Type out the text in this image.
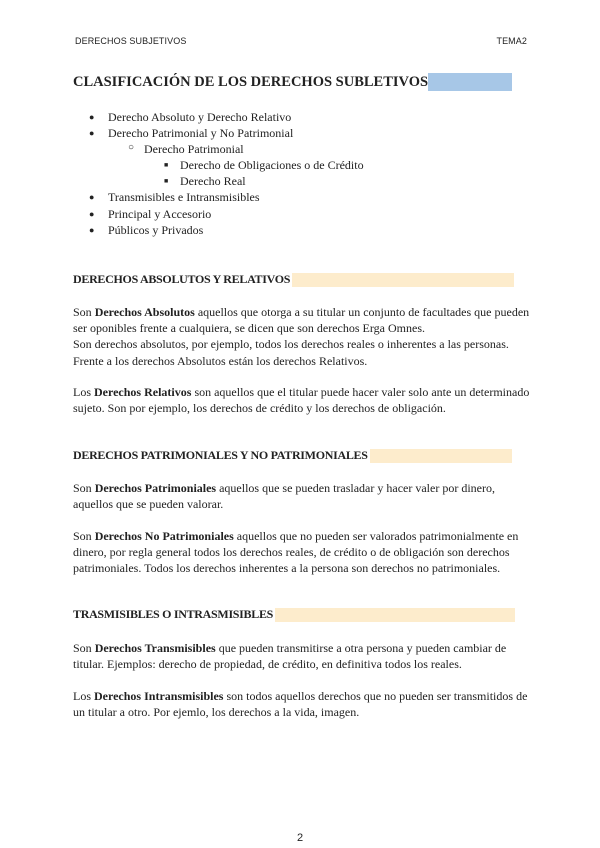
DERECHOS SUBJETIVOS	TEMA2
CLASIFICACIÓN DE LOS DERECHOS SUBLETIVOS
● Derecho Absoluto y Derecho Relativo
● Derecho Patrimonial y No Patrimonial
○ Derecho Patrimonial
■ Derecho de Obligaciones o de Crédito
■ Derecho Real
● Transmisibles e Intransmisibles
● Principal y Accesorio
● Públicos y Privados
DERECHOS ABSOLUTOS Y RELATIVOS

Son Derechos Absolutos aquellos que otorga a su titular un conjunto de facultades que pueden ser oponibles frente a cualquiera, se dicen que son derechos Erga Omnes.
Son derechos absolutos, por ejemplo, todos los derechos reales o inherentes a las personas.
Frente a los derechos Absolutos están los derechos Relativos.

Los Derechos Relativos son aquellos que el titular puede hacer valer solo ante un determinado sujeto. Son por ejemplo, los derechos de crédito y los derechos de obligación.

DERECHOS PATRIMONIALES Y NO PATRIMONIALES

Son Derechos Patrimoniales aquellos que se pueden trasladar y hacer valer por dinero, aquellos que se pueden valorar.

Son Derechos No Patrimoniales aquellos que no pueden ser valorados patrimonialmente en dinero, por regla general todos los derechos reales, de crédito o de obligación son derechos patrimoniales. Todos los derechos inherentes a la persona son derechos no patrimoniales.

TRASMISIBLES O INTRASMISIBLES

Son Derechos Transmisibles que pueden transmitirse a otra persona y pueden cambiar de titular. Ejemplos: derecho de propiedad, de crédito, en definitiva todos los reales.

Los Derechos Intransmisibles son todos aquellos derechos que no pueden ser transmitidos de un titular a otro. Por ejemlo, los derechos a la vida, imagen.

2
